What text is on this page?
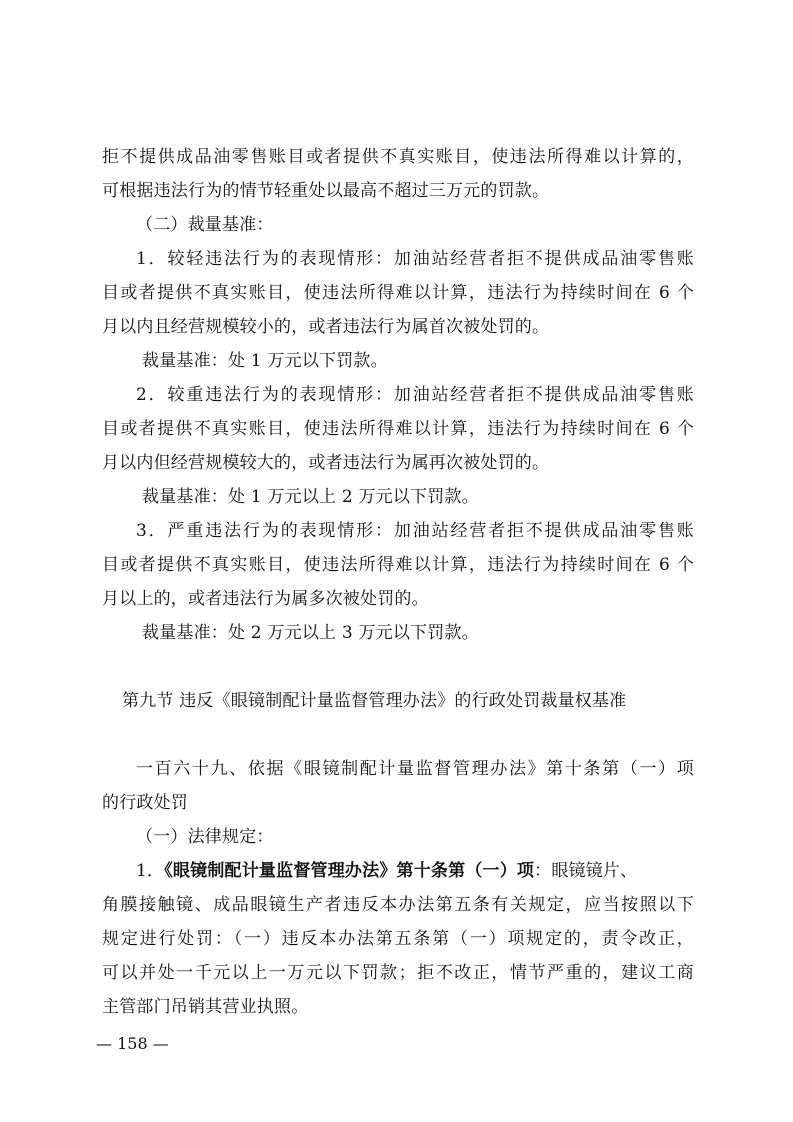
拒不提供成品油零售账目或者提供不真实账目，使违法所得难以计算的，
可根据违法行为的情节轻重处以最高不超过三万元的罚款。
（二）裁量基准：
1．较轻违法行为的表现情形：加油站经营者拒不提供成品油零售账
目或者提供不真实账目，使违法所得难以计算，违法行为持续时间在 6 个
月以内且经营规模较小的，或者违法行为属首次被处罚的。
裁量基准：处 1 万元以下罚款。
2．较重违法行为的表现情形：加油站经营者拒不提供成品油零售账
目或者提供不真实账目，使违法所得难以计算，违法行为持续时间在 6 个
月以内但经营规模较大的，或者违法行为属再次被处罚的。
裁量基准：处 1 万元以上 2 万元以下罚款。
3．严重违法行为的表现情形：加油站经营者拒不提供成品油零售账
目或者提供不真实账目，使违法所得难以计算，违法行为持续时间在 6 个
月以上的，或者违法行为属多次被处罚的。
裁量基准：处 2 万元以上 3 万元以下罚款。
第九节 违反《眼镜制配计量监督管理办法》的行政处罚裁量权基准
一百六十九、依据《眼镜制配计量监督管理办法》第十条第（一）项
的行政处罚
（一）法律规定：
1．《眼镜制配计量监督管理办法》第十条第（一）项：眼镜镜片、
角膜接触镜、成品眼镜生产者违反本办法第五条有关规定，应当按照以下
规定进行处罚：（一）违反本办法第五条第（一）项规定的，责令改正，
可以并处一千元以上一万元以下罚款；拒不改正，情节严重的，建议工商
主管部门吊销其营业执照。
— 158 —
